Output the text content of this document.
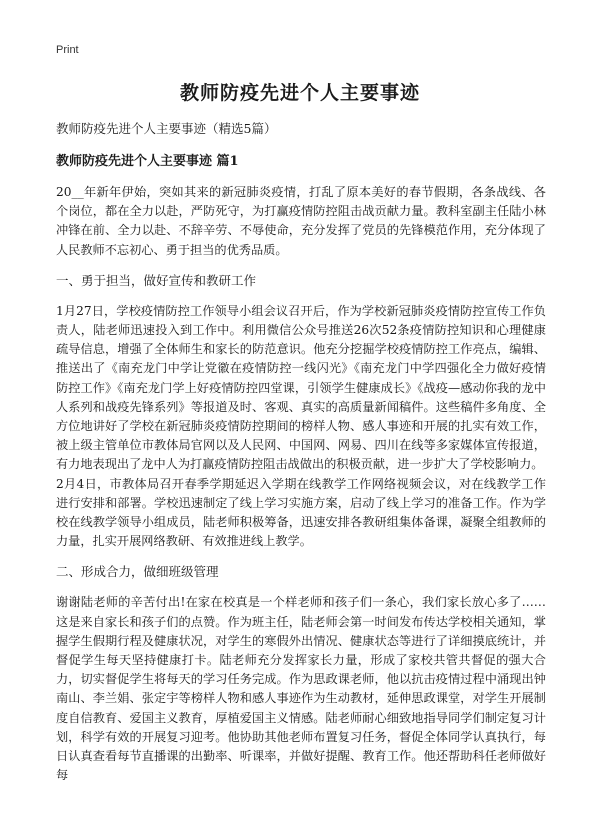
Print
教师防疫先进个人主要事迹
教师防疫先进个人主要事迹（精选5篇）
教师防疫先进个人主要事迹 篇1

20__年新年伊始，突如其来的新冠肺炎疫情，打乱了原本美好的春节假期，各条战线、各个岗位，都在全力以赴，严防死守，为打赢疫情防控阻击战贡献力量。教科室副主任陆小林冲锋在前、全力以赴、不辞辛劳、不辱使命，充分发挥了党员的先锋模范作用，充分体现了人民教师不忘初心、勇于担当的优秀品质。

一、勇于担当，做好宣传和教研工作

1月27日，学校疫情防控工作领导小组会议召开后，作为学校新冠肺炎疫情防控宣传工作负责人，陆老师迅速投入到工作中。利用微信公众号推送26次52条疫情防控知识和心理健康疏导信息，增强了全体师生和家长的防范意识。他充分挖掘学校疫情防控工作亮点，编辑、推送出了《南充龙门中学让党徽在疫情防控一线闪光》《南充龙门中学四强化全力做好疫情防控工作》《南充龙门学上好疫情防控四堂课，引领学生健康成长》《战疫—感动你我的龙中人系列和战疫先锋系列》等报道及时、客观、真实的高质量新闻稿件。这些稿件多角度、全方位地讲好了学校在新冠肺炎疫情防控期间的榜样人物、感人事迹和开展的扎实有效工作，被上级主管单位市教体局官网以及人民网、中国网、网易、四川在线等多家媒体宣传报道，有力地表现出了龙中人为打赢疫情防控阻击战做出的积极贡献，进一步扩大了学校影响力。

2月4日，市教体局召开春季学期延迟入学期在线教学工作网络视频会议，对在线教学工作进行安排和部署。学校迅速制定了线上学习实施方案，启动了线上学习的准备工作。作为学校在线教学领导小组成员，陆老师积极筹备，迅速安排各教研组集体备课，凝聚全组教师的力量，扎实开展网络教研、有效推进线上教学。

二、形成合力，做细班级管理

谢谢陆老师的辛苦付出!在家在校真是一个样老师和孩子们一条心，我们家长放心多了……这是来自家长和孩子们的点赞。作为班主任，陆老师会第一时间发布传达学校相关通知，掌握学生假期行程及健康状况，对学生的寒假外出情况、健康状态等进行了详细摸底统计，并督促学生每天坚持健康打卡。陆老师充分发挥家长力量，形成了家校共管共督促的强大合力，切实督促学生将每天的学习任务完成。作为思政课老师，他以抗击疫情过程中涌现出钟南山、李兰娟、张定宇等榜样人物和感人事迹作为生动教材，延伸思政课堂，对学生开展制度自信教育、爱国主义教育，厚植爱国主义情感。陆老师耐心细致地指导同学们制定复习计划，科学有效的开展复习迎考。他协助其他老师布置复习任务，督促全体同学认真执行，每日认真查看每节直播课的出勤率、听课率，并做好提醒、教育工作。他还帮助科任老师做好每
